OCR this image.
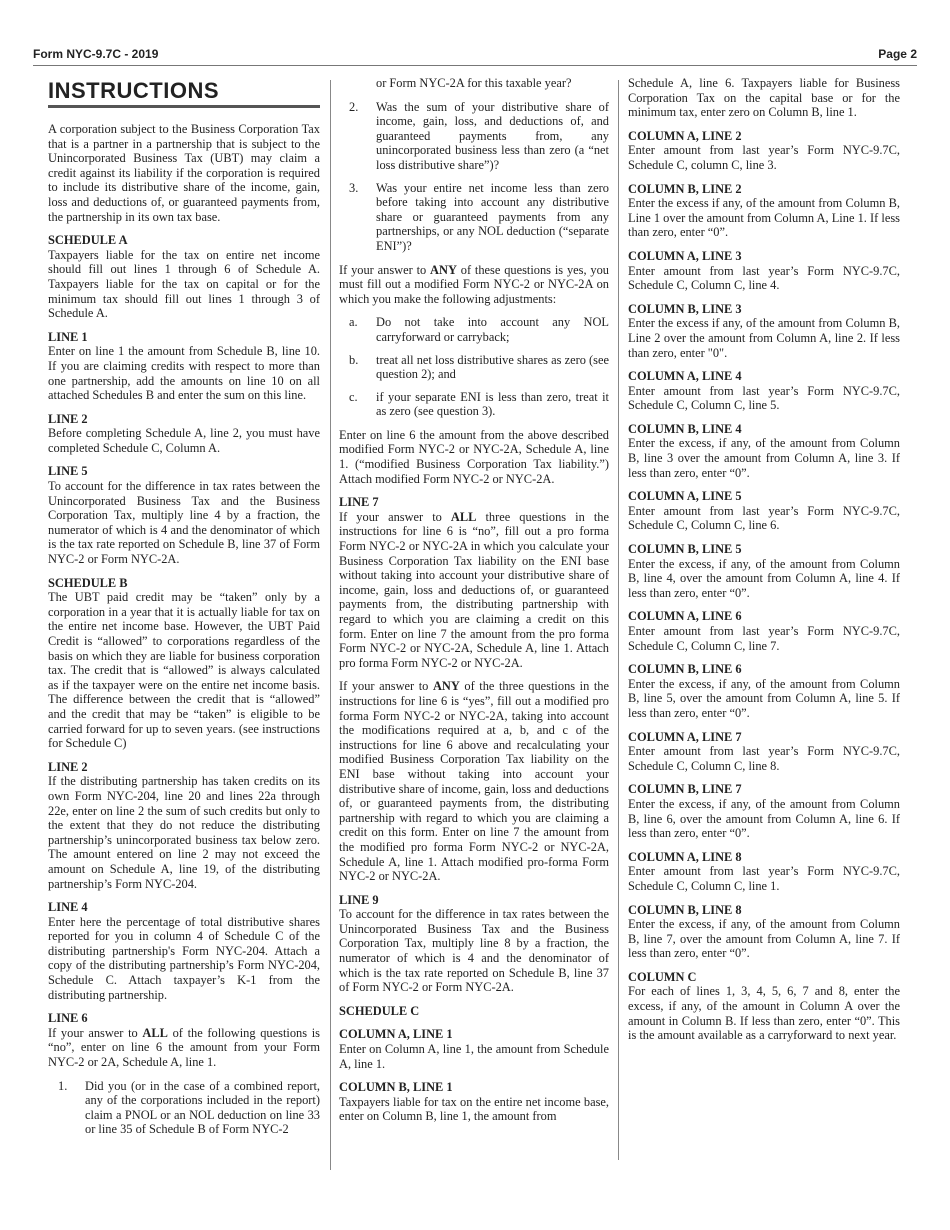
Form NYC-9.7C - 2019	Page 2
INSTRUCTIONS

A corporation subject to the Business Corporation Tax that is a partner in a partnership that is subject to the Unincorporated Business Tax (UBT) may claim a credit against its liability if the corporation is required to include its distributive share of the income, gain, loss and deductions of, or guaranteed payments from, the partnership in its own tax base.

SCHEDULE A

Taxpayers liable for the tax on entire net income should fill out lines 1 through 6 of Schedule A. Taxpayers liable for the tax on capital or for the minimum tax should fill out lines 1 through 3 of Schedule A.

LINE 1

Enter on line 1 the amount from Schedule B, line 10. If you are claiming credits with respect to more than one partnership, add the amounts on line 10 on all attached Schedules B and enter the sum on this line.

LINE 2

Before completing Schedule A, line 2, you must have completed Schedule C, Column A.

LINE 5

To account for the difference in tax rates between the Unincorporated Business Tax and the Business Corporation Tax, multiply line 4 by a fraction, the numerator of which is 4 and the denominator of which is the tax rate reported on Schedule B, line 37 of Form NYC-2 or Form NYC-2A.

SCHEDULE B

The UBT paid credit may be “taken” only by a corporation in a year that it is actually liable for tax on the entire net income base. However, the UBT Paid Credit is “allowed” to corporations regardless of the basis on which they are liable for business corporation tax. The credit that is “allowed” is always calculated as if the taxpayer were on the entire net income basis. The difference between the credit that is “allowed” and the credit that may be “taken” is eligible to be carried forward for up to seven years. (see instructions for Schedule C)

LINE 2

If the distributing partnership has taken credits on its own Form NYC-204, line 20 and lines 22a through 22e, enter on line 2 the sum of such credits but only to the extent that they do not reduce the distributing partnership’s unincorporated business tax below zero. The amount entered on line 2 may not exceed the amount on Schedule A, line 19, of the distributing partnership’s Form NYC-204.

LINE 4

Enter here the percentage of total distributive shares reported for you in column 4 of Schedule C of the distributing partnership's Form NYC-204. Attach a copy of the distributing partnership’s Form NYC-204, Schedule C. Attach taxpayer’s K-1 from the distributing partnership.

LINE 6

If your answer to ALL of the following questions is “no”, enter on line 6 the amount from your Form NYC-2 or 2A, Schedule A, line 1.

1. Did you (or in the case of a combined report, any of the corporations included in the report) claim a PNOL or an NOL deduction on line 33 or line 35 of Schedule B of Form NYC-2

or Form NYC-2A for this taxable year?

2. Was the sum of your distributive share of income, gain, loss, and deductions of, and guaranteed payments from, any unincorporated business less than zero (a “net loss distributive share”)?
3. Was your entire net income less than zero before taking into account any distributive share or guaranteed payments from any partnerships, or any NOL deduction (“separate ENI”)?

If your answer to ANY of these questions is yes, you must fill out a modified Form NYC-2 or NYC-2A on which you make the following adjustments:

a. Do not take into account any NOL carryforward or carryback;
b. treat all net loss distributive shares as zero (see question 2); and
c. if your separate ENI is less than zero, treat it as zero (see question 3).

Enter on line 6 the amount from the above described modified Form NYC-2 or NYC-2A, Schedule A, line 1. (“modified Business Corporation Tax liability.”) Attach modified Form NYC-2 or NYC-2A.

LINE 7

If your answer to ALL three questions in the instructions for line 6 is “no”, fill out a pro forma Form NYC-2 or NYC-2A in which you calculate your Business Corporation Tax liability on the ENI base without taking into account your distributive share of income, gain, loss and deductions of, or guaranteed payments from, the distributing partnership with regard to which you are claiming a credit on this form. Enter on line 7 the amount from the pro forma Form NYC-2 or NYC-2A, Schedule A, line 1. Attach pro forma Form NYC-2 or NYC-2A.

If your answer to ANY of the three questions in the instructions for line 6 is “yes”, fill out a modified pro forma Form NYC-2 or NYC-2A, taking into account the modifications required at a, b, and c of the instructions for line 6 above and recalculating your modified Business Corporation Tax liability on the ENI base without taking into account your distributive share of income, gain, loss and deductions of, or guaranteed payments from, the distributing partnership with regard to which you are claiming a credit on this form. Enter on line 7 the amount from the modified pro forma Form NYC-2 or NYC-2A, Schedule A, line 1. Attach modified pro-forma Form NYC-2 or NYC-2A.

LINE 9

To account for the difference in tax rates between the Unincorporated Business Tax and the Business Corporation Tax, multiply line 8 by a fraction, the numerator of which is 4 and the denominator of which is the tax rate reported on Schedule B, line 37 of Form NYC-2 or Form NYC-2A.

SCHEDULE C
COLUMN A, LINE 1

Enter on Column A, line 1, the amount from Schedule A, line 1.

COLUMN B, LINE 1

Taxpayers liable for tax on the entire net income base, enter on Column B, line 1, the amount from

Schedule A, line 6. Taxpayers liable for Business Corporation Tax on the capital base or for the minimum tax, enter zero on Column B, line 1.

COLUMN A, LINE 2

Enter amount from last year’s Form NYC-9.7C, Schedule C, column C, line 3.

COLUMN B, LINE 2

Enter the excess if any, of the amount from Column B, Line 1 over the amount from Column A, Line 1. If less than zero, enter “0”.

COLUMN A, LINE 3

Enter amount from last year’s Form NYC-9.7C, Schedule C, Column C, line 4.

COLUMN B, LINE 3

Enter the excess if any, of the amount from Column B, Line 2 over the amount from Column A, line 2. If less than zero, enter "0".

COLUMN A, LINE 4

Enter amount from last year’s Form NYC-9.7C, Schedule C, Column C, line 5.

COLUMN B, LINE 4

Enter the excess, if any, of the amount from Column B, line 3 over the amount from Column A, line 3. If less than zero, enter “0”.

COLUMN A, LINE 5

Enter amount from last year’s Form NYC-9.7C, Schedule C, Column C, line 6.

COLUMN B, LINE 5

Enter the excess, if any, of the amount from Column B, line 4, over the amount from Column A, line 4. If less than zero, enter “0”.

COLUMN A, LINE 6

Enter amount from last year’s Form NYC-9.7C, Schedule C, Column C, line 7.

COLUMN B, LINE 6

Enter the excess, if any, of the amount from Column B, line 5, over the amount from Column A, line 5. If less than zero, enter “0”.

COLUMN A, LINE 7

Enter amount from last year’s Form NYC-9.7C, Schedule C, Column C, line 8.

COLUMN B, LINE 7

Enter the excess, if any, of the amount from Column B, line 6, over the amount from Column A, line 6. If less than zero, enter “0”.

COLUMN A, LINE 8

Enter amount from last year’s Form NYC-9.7C, Schedule C, Column C, line 1.

COLUMN B, LINE 8

Enter the excess, if any, of the amount from Column B, line 7, over the amount from Column A, line 7. If less than zero, enter “0”.

COLUMN C

For each of lines 1, 3, 4, 5, 6, 7 and 8, enter the excess, if any, of the amount in Column A over the amount in Column B. If less than zero, enter “0”. This is the amount available as a carryforward to next year.
